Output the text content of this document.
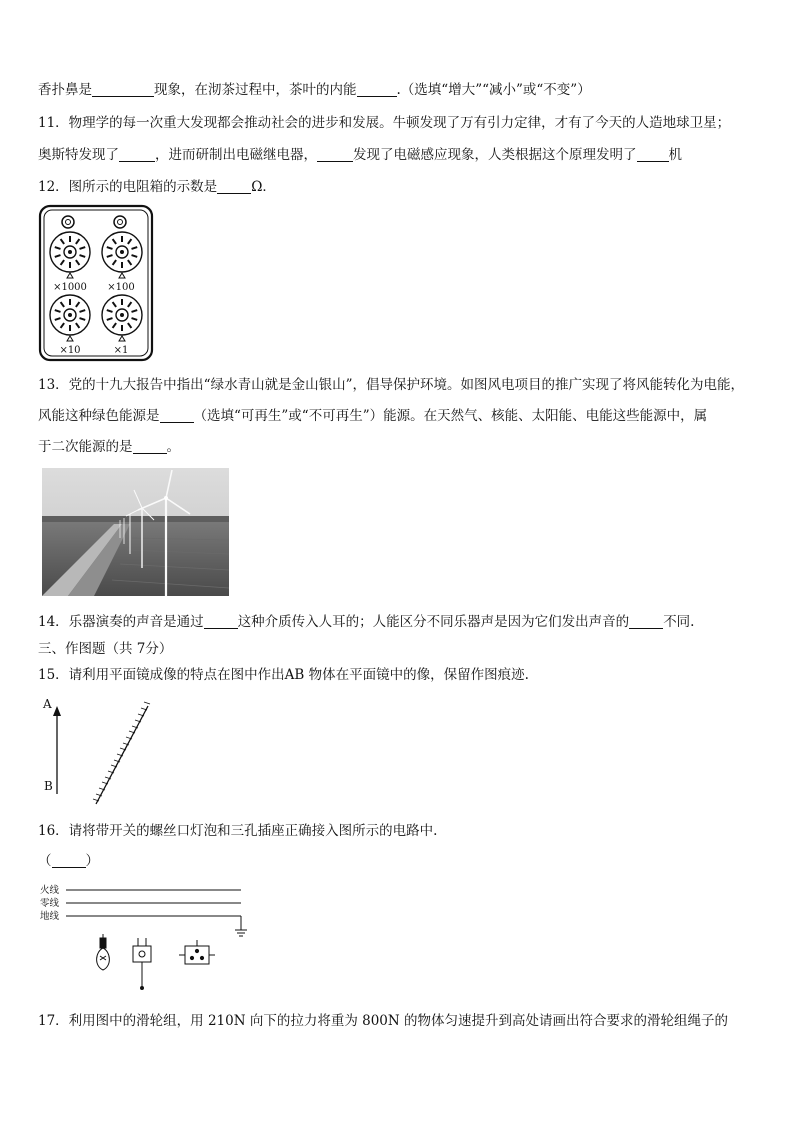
香扑鼻是	现象，在沏茶过程中，茶叶的内能	.（选填“增大”“减小”或“不变”）
11．物理学的每一次重大发现都会推动社会的进步和发展。牛顿发现了万有引力定律，才有了今天的人造地球卫星；
奥斯特发现了	，进而研制出电磁继电器，	发现了电磁感应现象，人类根据这个原理发明了 机
12．图所示的电阻箱的示数是	Ω．
×1000	×100
×10	×1
13．党的十九大报告中指出“绿水青山就是金山银山”，倡导保护环境。如图风电项目的推广实现了将风能转化为电能，
风能这种绿色能源是	（选填“可再生”或“不可再生”）能源。在天然气、核能、太阳能、电能这些能源中，属
于二次能源的是	。
14．乐器演奏的声音是通过	这种介质传入人耳的；人能区分不同乐器声是因为它们发出声音的	不同.
三、作图题（共 7分）
15．请利用平面镜成像的特点在图中作出AB 物体在平面镜中的像，保留作图痕迹.
A
B
16．请将带开关的螺丝口灯泡和三孔插座正确接入图所示的电路中.
（	）
火线
零线
地线
17．利用图中的滑轮组，用 210N 向下的拉力将重为 800N 的物体匀速提升到高处请画出符合要求的滑轮组绳子的
